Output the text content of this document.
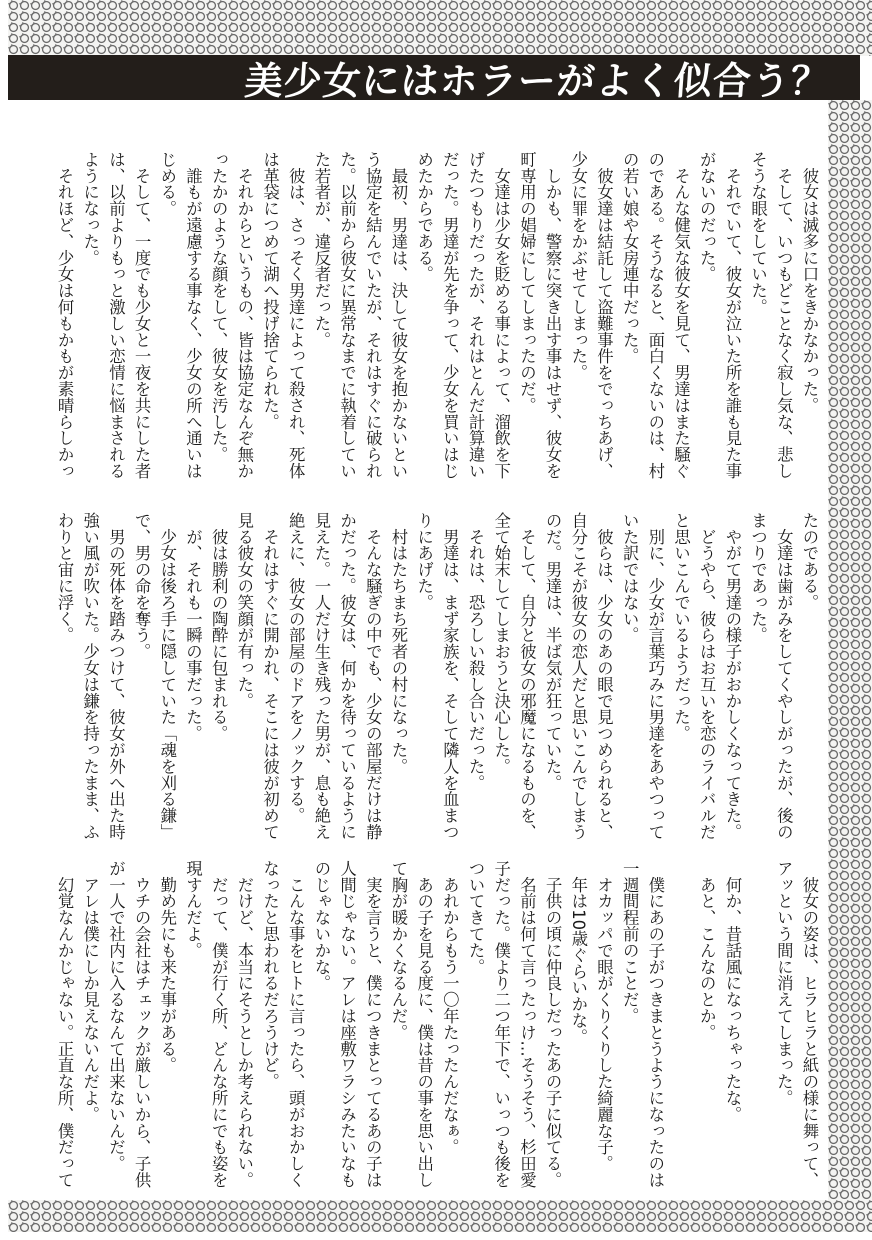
美少女にはホラーがよく似合う？
　彼女は滅多に口をきかなかった。
　そして、いつもどことなく寂し気な、悲し
そうな眼をしていた。
　それでいて、彼女が泣いた所を誰も見た事
がないのだった。
　そんな健気な彼女を見て、男達はまた騒ぐ
のである。そうなると、面白くないのは、村
の若い娘や女房連中だった。
　彼女達は結託して盗難事件をでっちあげ、
少女に罪をかぶせてしまった。
　しかも、警察に突き出す事はせず、彼女を
町専用の娼婦にしてしまったのだ。
　女達は少女を貶める事によって、溜飲を下
げたつもりだったが、それはとんだ計算違い
だった。男達が先を争って、少女を買いはじ
めたからである。
　最初、男達は、決して彼女を抱かないとい
う協定を結んでいたが、それはすぐに破られ
た。以前から彼女に異常なまでに執着してい
た若者が、違反者だった。
　彼は、さっそく男達によって殺され、死体
は革袋につめて湖へ投げ捨てられた。
　それからというもの、皆は協定なんぞ無か
ったかのような顔をして、彼女を汚した。
　誰もが遠慮する事なく、少女の所へ通いは
じめる。
　そして、一度でも少女と一夜を共にした者
は、以前よりもっと激しい恋情に悩まされる
ようになった。
　それほど、少女は何もかもが素晴らしかっ
たのである。
　女達は歯がみをしてくやしがったが、後の
まつりであった。
　やがて男達の様子がおかしくなってきた。
　どうやら、彼らはお互いを恋のライバルだ
と思いこんでいるようだった。
　別に、少女が言葉巧みに男達をあやつって
いた訳ではない。
　彼らは、少女のあの眼で見つめられると、
自分こそが彼女の恋人だと思いこんでしまう
のだ。男達は、半ば気が狂っていた。
　そして、自分と彼女の邪魔になるものを、
全て始末してしまおうと決心した。
　それは、恐ろしい殺し合いだった。
　男達は、まず家族を、そして隣人を血まつ
りにあげた。
　村はたちまち死者の村になった。
　そんな騒ぎの中でも、少女の部屋だけは静
かだった。彼女は、何かを待っているように
見えた。一人だけ生き残った男が、息も絶え
絶えに、彼女の部屋のドアをノックする。
　それはすぐに開かれ、そこには彼が初めて
見る彼女の笑顔が有った。
　彼は勝利の陶酔に包まれる。
　が、それも一瞬の事だった。
　少女は後ろ手に隠していた「魂を刈る鎌」
で、男の命を奪う。
　男の死体を踏みつけて、彼女が外へ出た時
強い風が吹いた。少女は鎌を持ったまま、ふ
わりと宙に浮く。
　彼女の姿は、ヒラヒラと紙の様に舞って、
アッという間に消えてしまった。
　何か、昔話風になっちゃったな。
　あと、こんなのとか。
　僕にあの子がつきまとうようになったのは
一週間程前のことだ。
　オカッパで眼がくりくりした綺麗な子。
　年は10歳ぐらいかな。
　子供の頃に仲良しだったあの子に似てる。
　名前は何て言ったっけ…そうそう、杉田愛
子だった。僕より二つ年下で、いっつも後を
ついてきてた。
　あれからもう一〇年たったんだなぁ。
　あの子を見る度に、僕は昔の事を思い出し
て胸が暖かくなるんだ。
　実を言うと、僕につきまとってるあの子は
人間じゃない。アレは座敷ワラシみたいなも
のじゃないかな。
　こんな事をヒトに言ったら、頭がおかしく
なったと思われるだろうけど。
　だけど、本当にそうとしか考えられない。
　だって、僕が行く所、どんな所にでも姿を
現すんだよ。
　勤め先にも来た事がある。
　ウチの会社はチェックが厳しいから、子供
が一人で社内に入るなんて出来ないんだ。
　アレは僕にしか見えないんだよ。
　幻覚なんかじゃない。正直な所、僕だって
